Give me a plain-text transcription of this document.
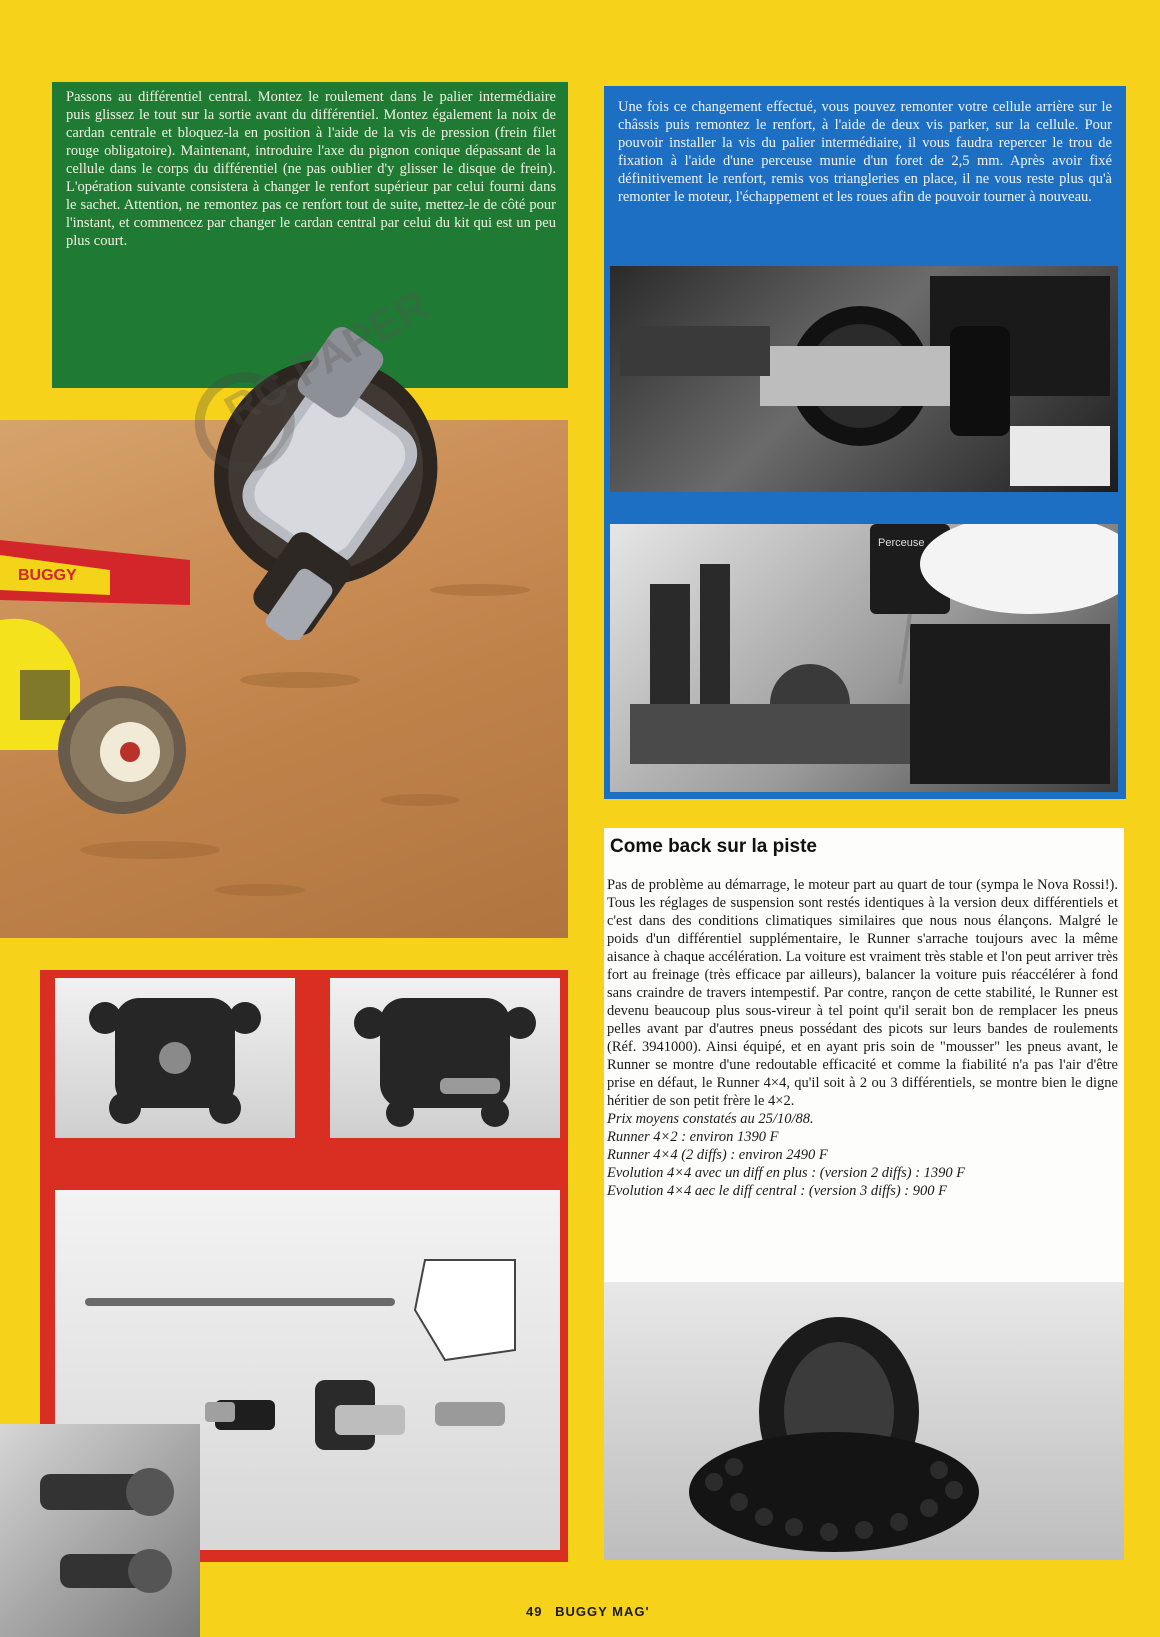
BUGGY

Passons au différentiel central. Montez le roulement dans le palier intermédiaire puis glissez le tout sur la sortie avant du différentiel. Montez également la noix de cardan centrale et bloquez-la en position à l'aide de la vis de pression (frein filet rouge obligatoire). Maintenant, introduire l'axe du pignon conique dépassant de la cellule dans le corps du différentiel (ne pas oublier d'y glisser le disque de frein). L'opération suivante consistera à changer le renfort supérieur par celui fourni dans le sachet. Attention, ne remontez pas ce renfort tout de suite, mettez-le de côté pour l'instant, et commencez par changer le cardan central par celui du kit qui est un peu plus court.

RC-PAPER

Une fois ce changement effectué, vous pouvez remonter votre cellule arrière sur le châssis puis remontez le renfort, à l'aide de deux vis parker, sur la cellule. Pour pouvoir installer la vis du palier intermédiaire, il vous faudra repercer le trou de fixation à l'aide d'une perceuse munie d'un foret de 2,5 mm. Après avoir fixé définitivement le renfort, remis vos triangleries en place, il ne vous reste plus qu'à remonter le moteur, l'échappement et les roues afin de pouvoir tourner à nouveau.

Perceuse
Come back sur la piste
Pas de problème au démarrage, le moteur part au quart de tour (sympa le Nova Rossi!). Tous les réglages de suspension sont restés identiques à la version deux différentiels et c'est dans des conditions climatiques similaires que nous nous élançons. Malgré le poids d'un différentiel supplémentaire, le Runner s'arrache toujours avec la même aisance à chaque accélération. La voiture est vraiment très stable et l'on peut arriver très fort au freinage (très efficace par ailleurs), balancer la voiture puis réaccélérer à fond sans craindre de travers intempestif. Par contre, rançon de cette stabilité, le Runner est devenu beaucoup plus sous-vireur à tel point qu'il serait bon de remplacer les pneus pelles avant par d'autres pneus possédant des picots sur leurs bandes de roulements (Réf. 3941000). Ainsi équipé, et en ayant pris soin de "mousser" les pneus avant, le Runner se montre d'une redoutable efficacité et comme la fiabilité n'a pas l'air d'être prise en défaut, le Runner 4×4, qu'il soit à 2 ou 3 différentiels, se montre bien le digne héritier de son petit frère le 4×2.
Prix moyens constatés au 25/10/88.
Runner 4×2 : environ 1390 F
Runner 4×4 (2 diffs) : environ 2490 F
Evolution 4×4 avec un diff en plus : (version 2 diffs) : 1390 F
Evolution 4×4 aec le diff central : (version 3 diffs) : 900 F
49 BUGGY MAG'
